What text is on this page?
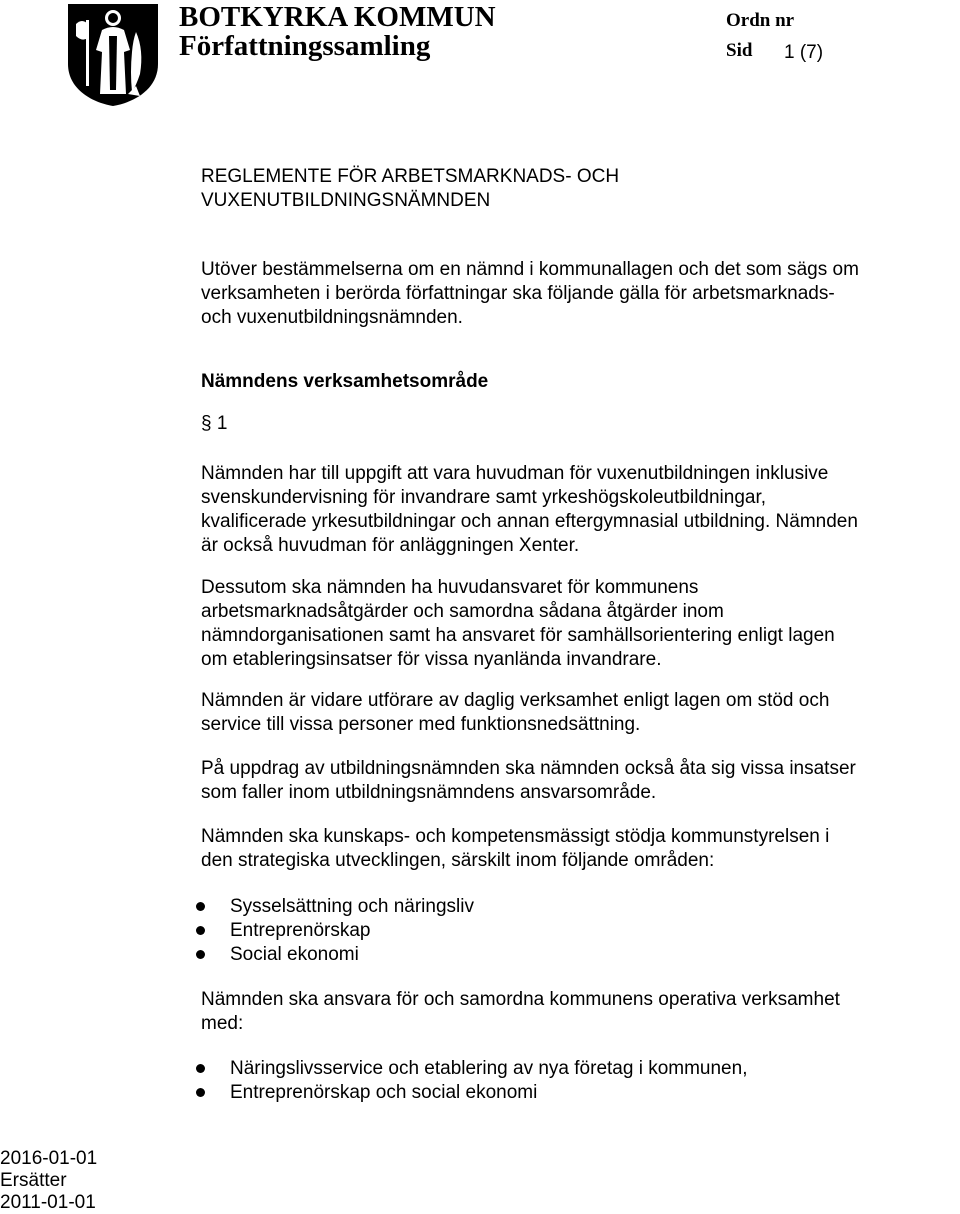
BOTKYRKA KOMMUN
Författningssamling
Ordn nr
Sid 1 (7)
REGLEMENTE FÖR ARBETSMARKNADS- OCH
VUXENUTBILDNINGSNÄMNDEN

Utöver bestämmelserna om en nämnd i kommunallagen och det som sägs om
verksamheten i berörda författningar ska följande gälla för arbetsmarknads-
och vuxenutbildningsnämnden.

Nämndens verksamhetsområde
§ 1

Nämnden har till uppgift att vara huvudman för vuxenutbildningen inklusive
svenskundervisning för invandrare samt yrkeshögskoleutbildningar,
kvalificerade yrkesutbildningar och annan eftergymnasial utbildning. Nämnden
är också huvudman för anläggningen Xenter.

Dessutom ska nämnden ha huvudansvaret för kommunens
arbetsmarknadsåtgärder och samordna sådana åtgärder inom
nämndorganisationen samt ha ansvaret för samhällsorientering enligt lagen
om etableringsinsatser för vissa nyanlända invandrare.

Nämnden är vidare utförare av daglig verksamhet enligt lagen om stöd och
service till vissa personer med funktionsnedsättning.

På uppdrag av utbildningsnämnden ska nämnden också åta sig vissa insatser
som faller inom utbildningsnämndens ansvarsområde.

Nämnden ska kunskaps- och kompetensmässigt stödja kommunstyrelsen i
den strategiska utvecklingen, särskilt inom följande områden:

Sysselsättning och näringsliv
Entreprenörskap
Social ekonomi

Nämnden ska ansvara för och samordna kommunens operativa verksamhet
med:

Näringslivsservice och etablering av nya företag i kommunen,
Entreprenörskap och social ekonomi
2016-01-01
Ersätter
2011-01-01
